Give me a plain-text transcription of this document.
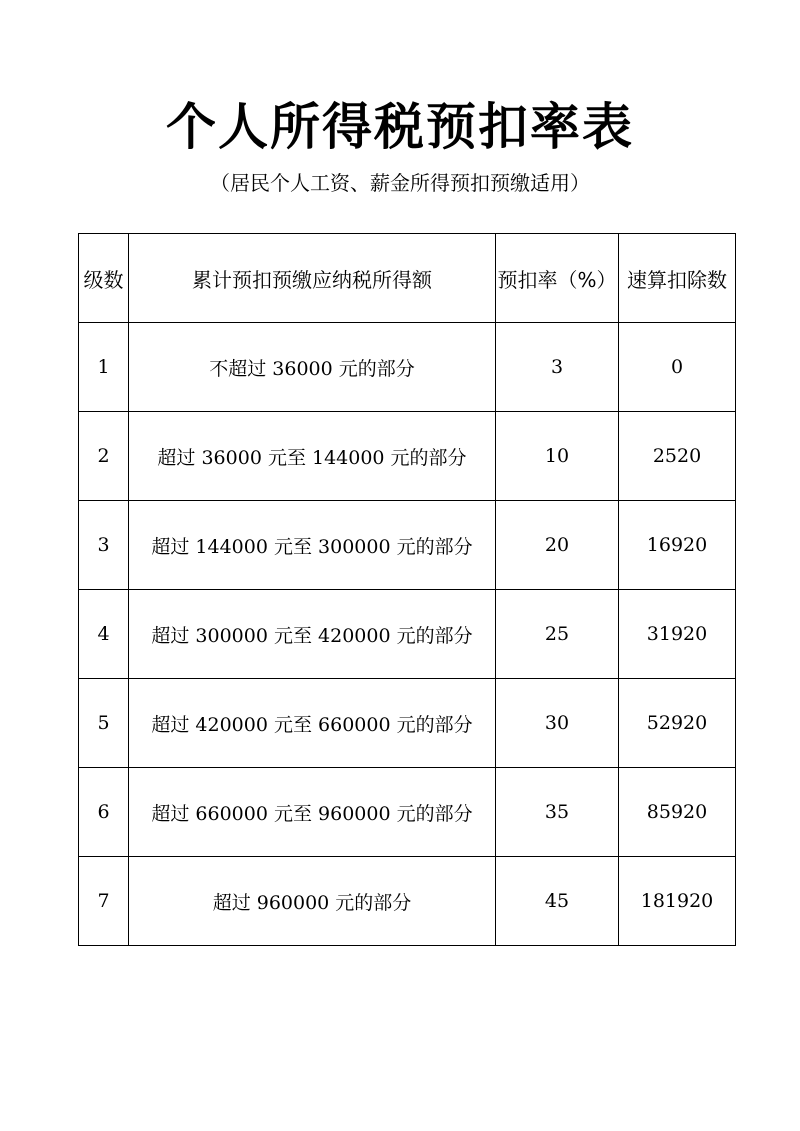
个人所得税预扣率表

（居民个人工资、薪金所得预扣预缴适用）

级数	累计预扣预缴应纳税所得额	预扣率（%）	速算扣除数
1	不超过 36000 元的部分	3	0
2	超过 36000 元至 144000 元的部分	10	2520
3	超过 144000 元至 300000 元的部分	20	16920
4	超过 300000 元至 420000 元的部分	25	31920
5	超过 420000 元至 660000 元的部分	30	52920
6	超过 660000 元至 960000 元的部分	35	85920
7	超过 960000 元的部分	45	181920
